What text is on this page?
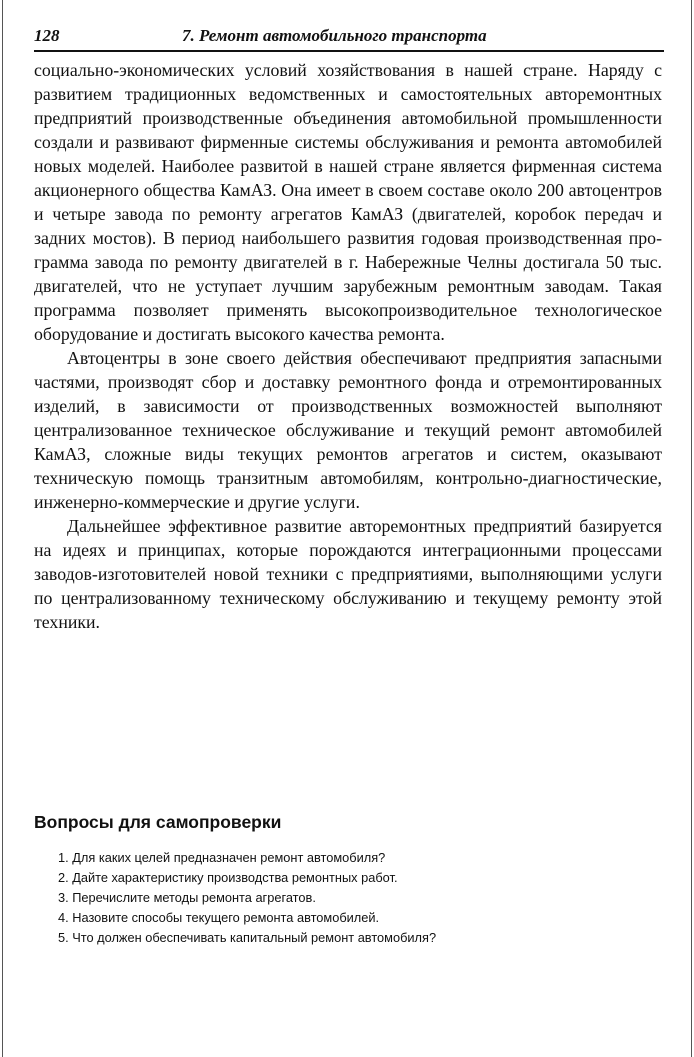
128	7. Ремонт автомобильного транспорта

социально-экономических условий хозяйствования в нашей стране. Наряду с развитием традиционных ведомственных и самостоятельных авторемонтных предприятий производственные объединения автомобильной промышленности создали и развивают фирменные системы обслуживания и ремонта автомобилей новых моделей. Наиболее развитой в нашей стране является фирменная система акционерного общества КамАЗ. Она имеет в своем составе около 200 автоцентров и четыре завода по ремонту агрегатов КамАЗ (двигателей, коробок передач и задних мостов). В период наибольшего развития годовая производственная программа завода по ремонту двигателей в г. Набережные Челны достигала 50 тыс. двигателей, что не уступает лучшим зарубежным ремонтным заводам. Такая программа позволяет применять высокопроизводительное технологическое оборудование и достигать высокого качества ремонта.

Автоцентры в зоне своего действия обеспечивают предприятия запасными частями, производят сбор и доставку ремонтного фонда и отремонтированных изделий, в зависимости от производственных возможностей выполняют централизованное техническое обслуживание и текущий ремонт автомобилей КамАЗ, сложные виды текущих ремонтов агрегатов и систем, оказывают техническую помощь транзитным автомобилям, контрольно-диагностические, инженерно-коммерческие и другие услуги.

Дальнейшее эффективное развитие авторемонтных предприятий базируется на идеях и принципах, которые порождаются интеграционными процессами заводов-изготовителей новой техники с предприятиями, выполняющими услуги по централизованному техническому обслуживанию и текущему ремонту этой техники.

Вопросы для самопроверки
1. Для каких целей предназначен ремонт автомобиля?
2. Дайте характеристику производства ремонтных работ.
3. Перечислите методы ремонта агрегатов.
4. Назовите способы текущего ремонта автомобилей.
5. Что должен обеспечивать капитальный ремонт автомобиля?
